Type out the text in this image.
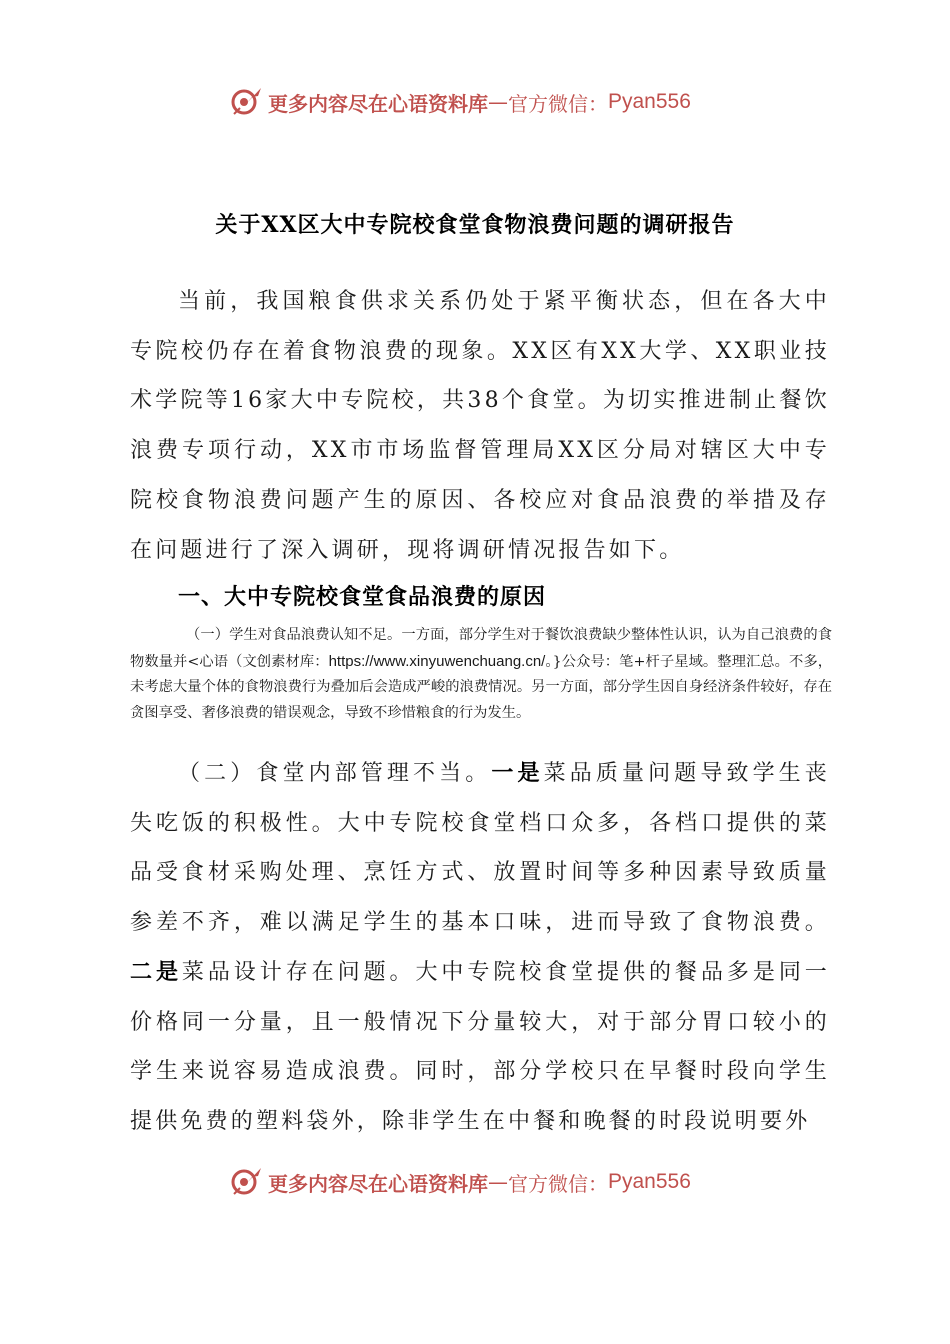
更多内容尽在心语资料库 — 官方微信： Pyan556
关于XX区大中专院校食堂食物浪费问题的调研报告

当前，我国粮食供求关系仍处于紧平衡状态，但在各大中专院校仍存在着食物浪费的现象。XX区有XX大学、XX职业技术学院等16家大中专院校，共38个食堂。为切实推进制止餐饮浪费专项行动，XX市市场监督管理局XX区分局对辖区大中专院校食物浪费问题产生的原因、各校应对食品浪费的举措及存在问题进行了深入调研，现将调研情况报告如下。

一、大中专院校食堂食品浪费的原因

（一）学生对食品浪费认知不足。一方面，部分学生对于餐饮浪费缺少整体性认识，认为自己浪费的食物数量并<心语（文创素材库：https://www.xinyuwenchuang.cn/。}公众号：笔+杆子星域。整理汇总。不多，未考虑大量个体的食物浪费行为叠加后会造成严峻的浪费情况。另一方面，部分学生因自身经济条件较好，存在贪图享受、奢侈浪费的错误观念，导致不珍惜粮食的行为发生。

（二）食堂内部管理不当。一是菜品质量问题导致学生丧失吃饭的积极性。大中专院校食堂档口众多，各档口提供的菜品受食材采购处理、烹饪方式、放置时间等多种因素导致质量参差不齐，难以满足学生的基本口味，进而导致了食物浪费。二是菜品设计存在问题。大中专院校食堂提供的餐品多是同一价格同一分量，且一般情况下分量较大，对于部分胃口较小的学生来说容易造成浪费。同时，部分学校只在早餐时段向学生提供免费的塑料袋外，除非学生在中餐和晚餐的时段说明要外

更多内容尽在心语资料库 — 官方微信： Pyan556
